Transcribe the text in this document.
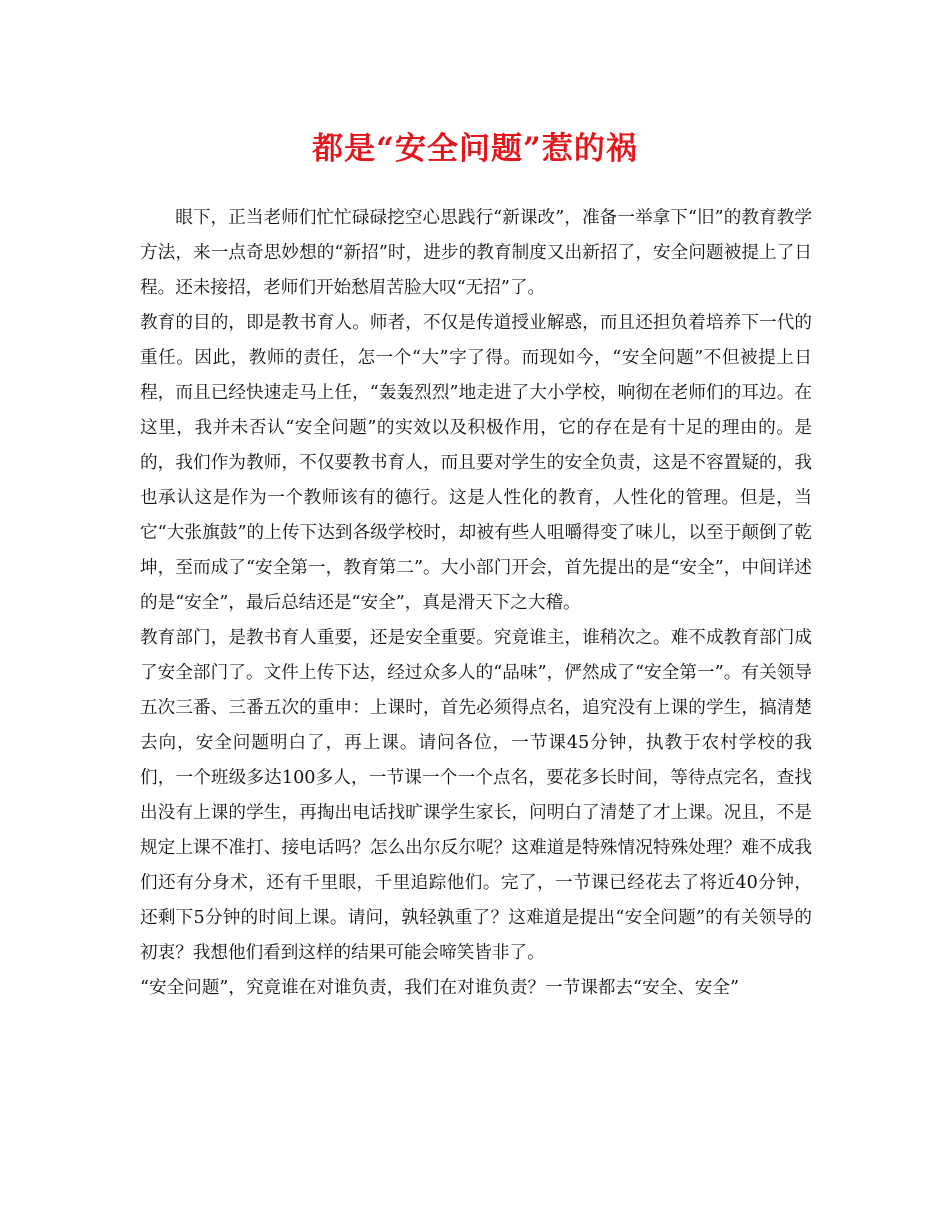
都是“安全问题”惹的祸

眼下，正当老师们忙忙碌碌挖空心思践行“新课改”，准备一举拿下“旧”的教育教学方法，来一点奇思妙想的“新招”时，进步的教育制度又出新招了，安全问题被提上了日程。还未接招，老师们开始愁眉苦脸大叹“无招”了。

教育的目的，即是教书育人。师者，不仅是传道授业解惑，而且还担负着培养下一代的重任。因此，教师的责任，怎一个“大”字了得。而现如今，“安全问题”不但被提上日程，而且已经快速走马上任，“轰轰烈烈”地走进了大小学校，响彻在老师们的耳边。在这里，我并未否认“安全问题”的实效以及积极作用，它的存在是有十足的理由的。是的，我们作为教师，不仅要教书育人，而且要对学生的安全负责，这是不容置疑的，我也承认这是作为一个教师该有的德行。这是人性化的教育，人性化的管理。但是，当它“大张旗鼓”的上传下达到各级学校时，却被有些人咀嚼得变了味儿，以至于颠倒了乾坤，至而成了“安全第一，教育第二”。大小部门开会，首先提出的是“安全”，中间详述的是“安全”，最后总结还是“安全”，真是滑天下之大稽。

教育部门，是教书育人重要，还是安全重要。究竟谁主，谁稍次之。难不成教育部门成了安全部门了。文件上传下达，经过众多人的“品味”，俨然成了“安全第一”。有关领导五次三番、三番五次的重申：上课时，首先必须得点名，追究没有上课的学生，搞清楚去向，安全问题明白了，再上课。请问各位，一节课45分钟，执教于农村学校的我们，一个班级多达100多人，一节课一个一个点名，要花多长时间，等待点完名，查找出没有上课的学生，再掏出电话找旷课学生家长，问明白了清楚了才上课。况且，不是规定上课不准打、接电话吗？怎么出尔反尔呢？这难道是特殊情况特殊处理？难不成我们还有分身术，还有千里眼，千里追踪他们。完了，一节课已经花去了将近40分钟，还剩下5分钟的时间上课。请问，孰轻孰重了？这难道是提出“安全问题”的有关领导的初衷？我想他们看到这样的结果可能会啼笑皆非了。

“安全问题”，究竟谁在对谁负责，我们在对谁负责？一节课都去“安全、安全”
